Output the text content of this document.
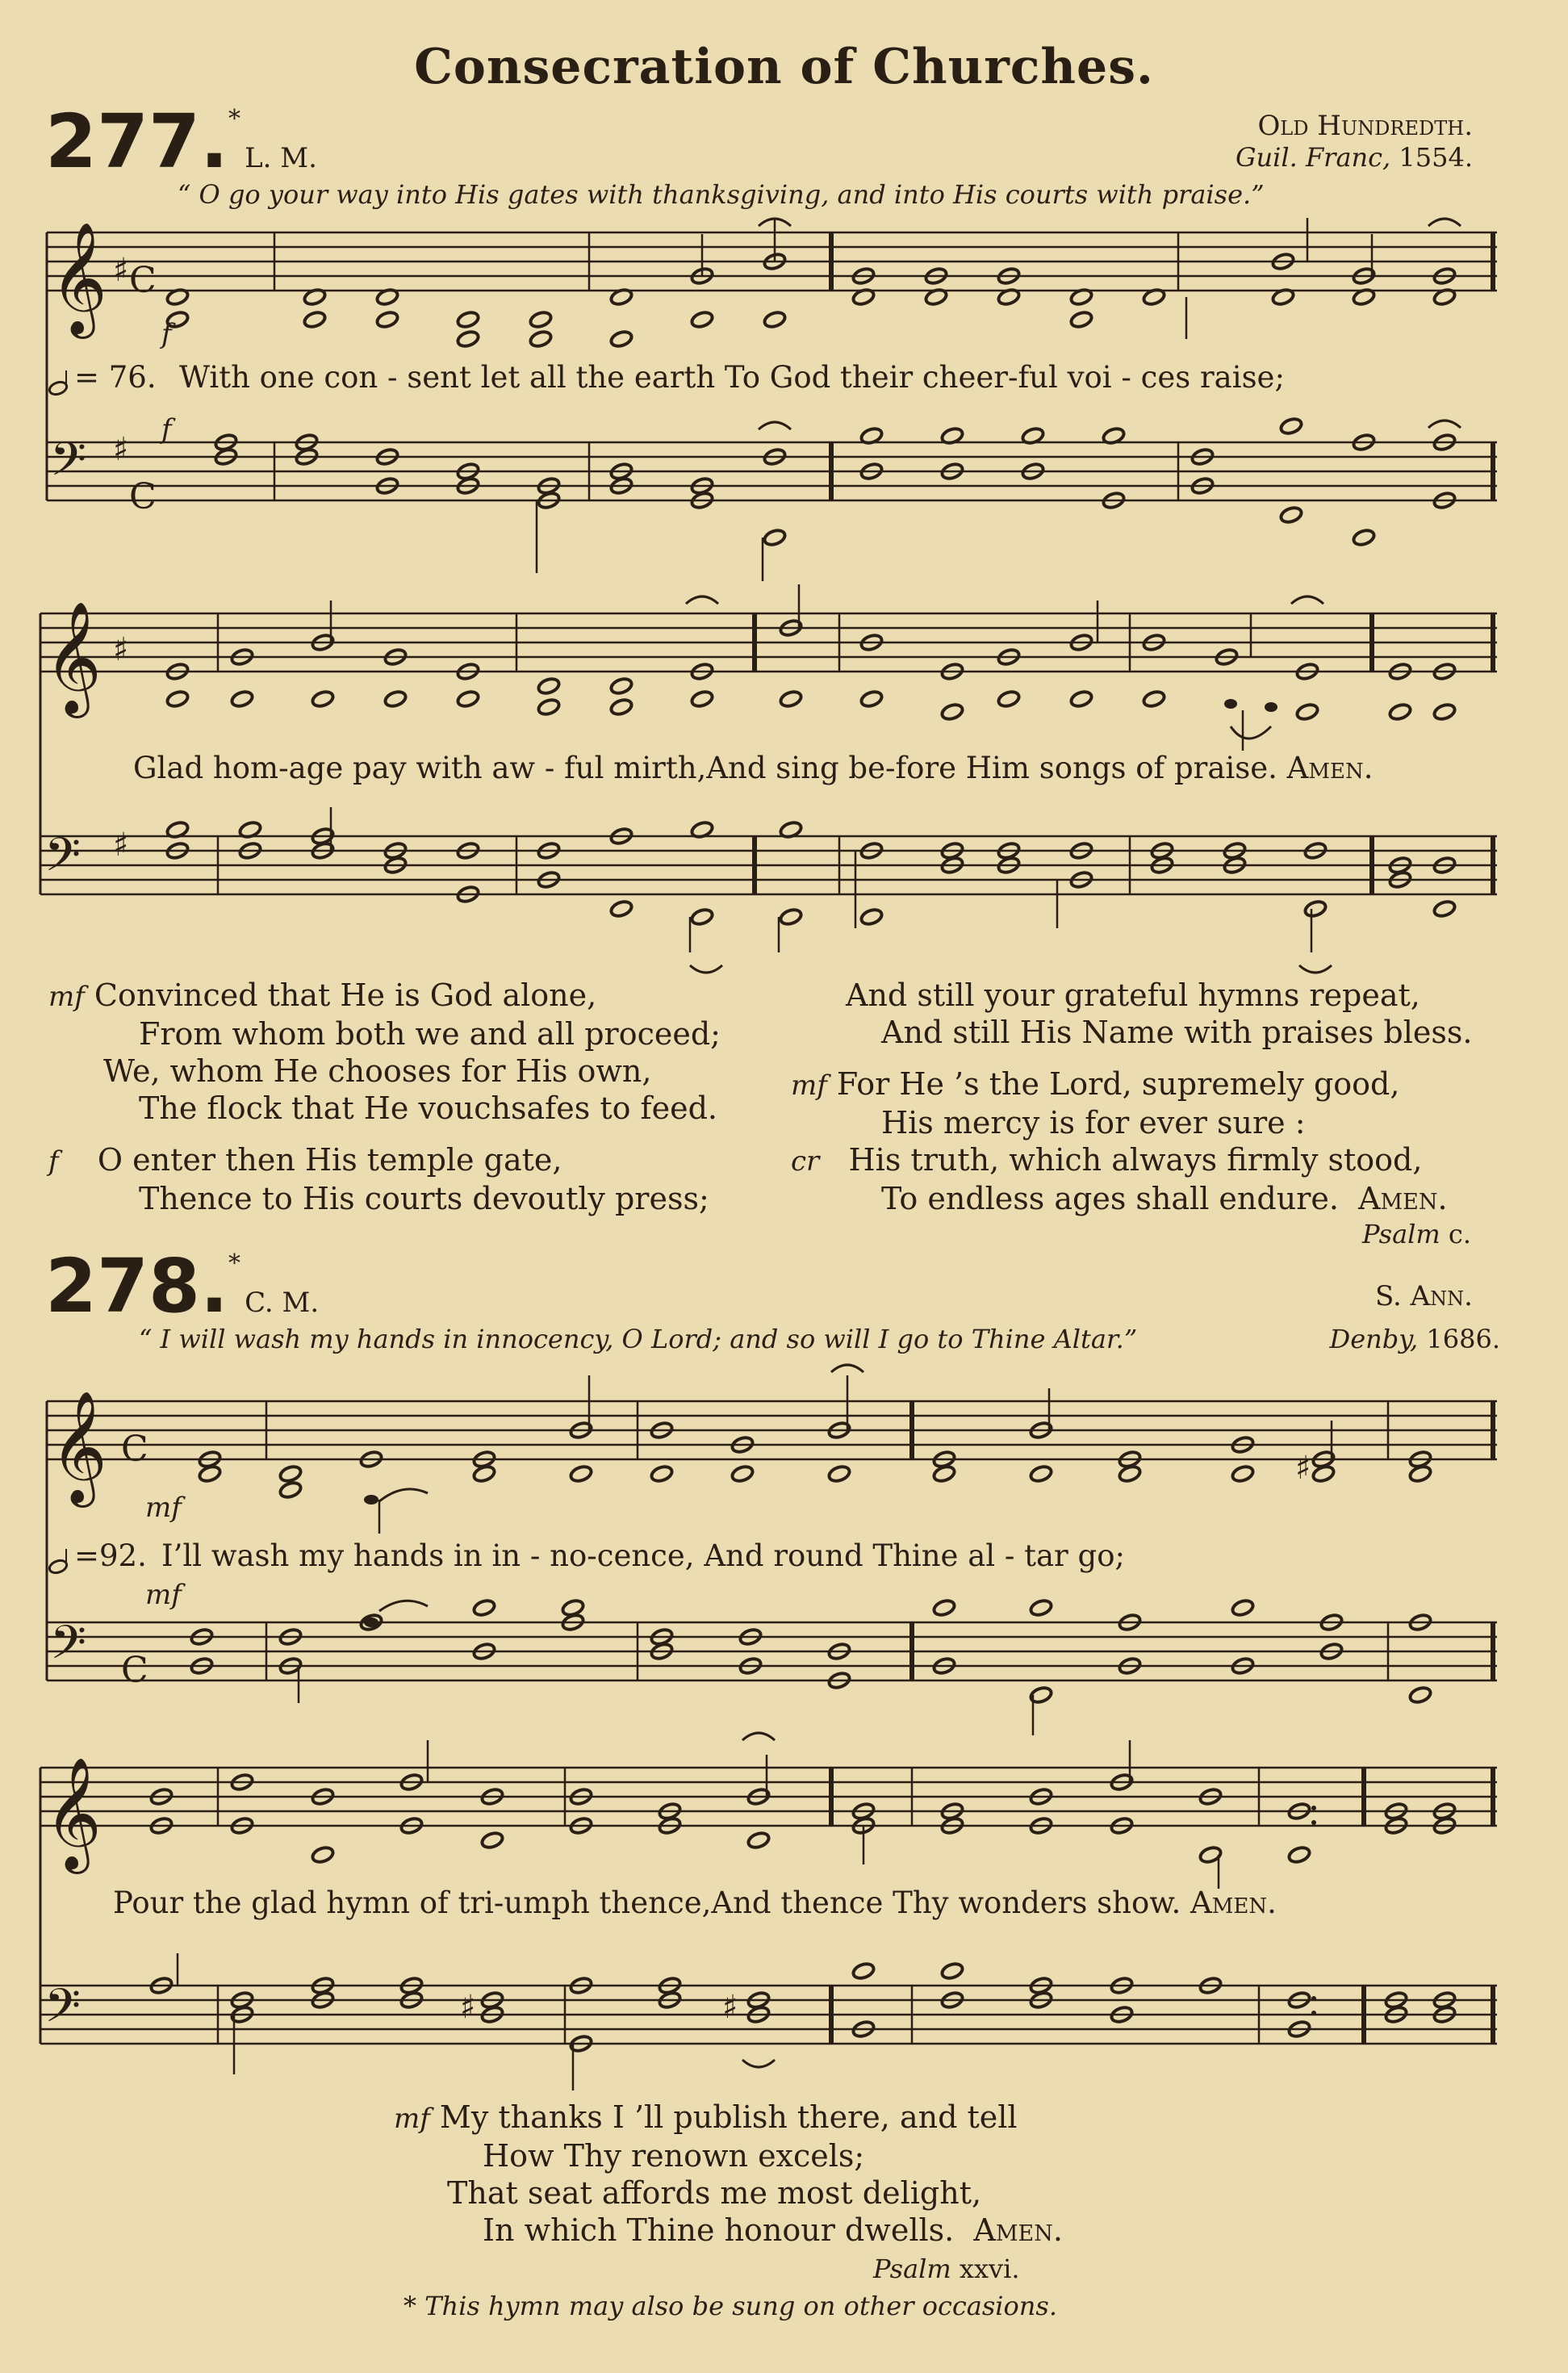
Consecration of Churches.
277.* L. M.
Old Hundredth.
Guil. Franc, 1554.
“ O go your way into His gates with thanksgiving, and into His courts with praise.”
𝄞
𝄢
♯
♯
C
C
f
f
= 76. With one con - sent let all the earth To God their cheer-ful voi - ces raise;
𝄞
𝄢
♯
♯
Glad hom-age pay with aw - ful mirth,And sing be-fore Him songs of praise. Amen.
mf Convinced that He is God alone,
From whom both we and all proceed;
We, whom He chooses for His own,
The flock that He vouchsafes to feed.
f O enter then His temple gate,
Thence to His courts devoutly press;
And still your grateful hymns repeat,
And still His Name with praises bless.
mf For He ’s the Lord, supremely good,
His mercy is for ever sure :
cr His truth, which always firmly stood,
To endless ages shall endure. Amen.
Psalm c.
278.* C. M.	S. Ann.
“ I will wash my hands in innocency, O Lord; and so will I go to Thine Altar.”	Denby, 1686.
𝄞
𝄢
C
C
♯
mf
mf
=92. I’ll wash my hands in in - no-cence, And round Thine al - tar go;
𝄞
𝄢	♯	♯
Pour the glad hymn of tri-umph thence,And thence Thy wonders show. Amen.
mf My thanks I ’ll publish there, and tell
How Thy renown excels;
That seat affords me most delight,
In which Thine honour dwells. Amen.
Psalm xxvi.
* This hymn may also be sung on other occasions.
